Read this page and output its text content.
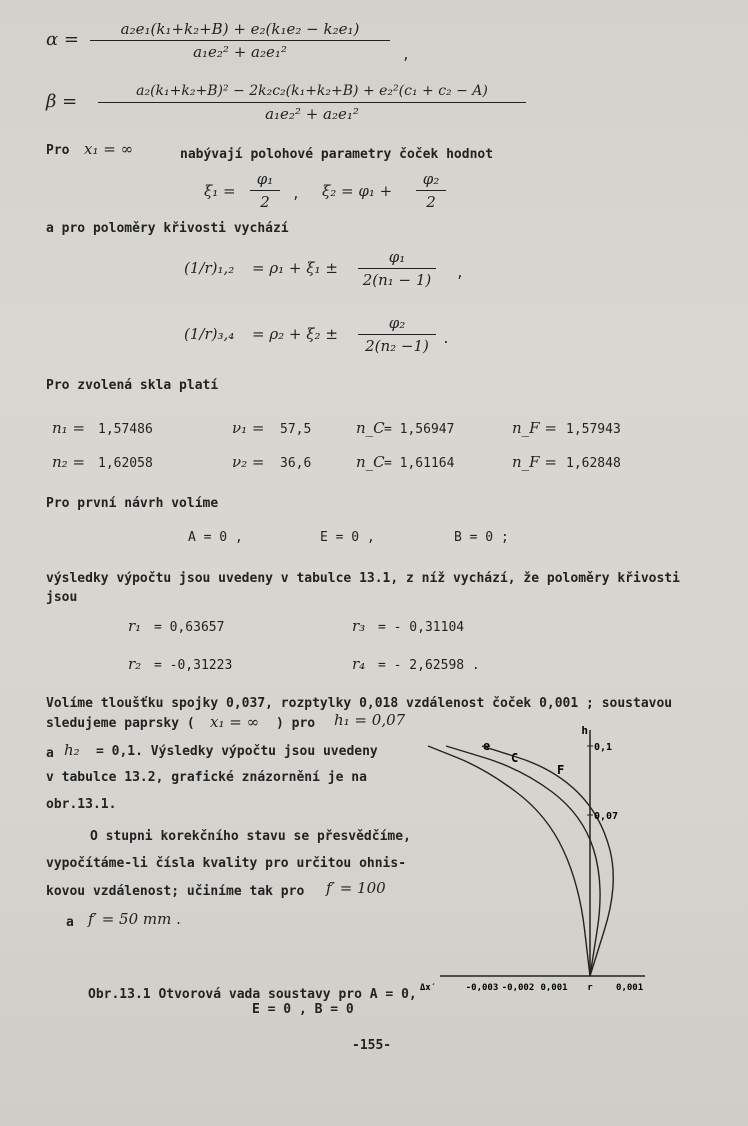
α =	a₂e₁(k₁+k₂+B) + e₂(k₁e₂ − k₂e₁)
a₁e₂² + a₂e₁²	,
β =	a₂(k₁+k₂+B)² − 2k₂c₂(k₁+k₂+B) + e₂²(c₁ + c₂ − A)
a₁e₂² + a₂e₁²
Pro x₁ = ∞	nabývají polohové parametry čoček hodnot
ξ₁ =
φ₁
2	, ξ₂ = φ₁ +
φ₂
2
a pro poloměry křivosti vychází
(1/r)₁,₂ = ρ₁ + ξ₁ ±
φ₁
2(n₁ − 1)	,
(1/r)₃,₄ = ρ₂ + ξ₂ ±
φ₂
2(n₂ −1)	.
Pro zvolená skla platí
n₁ = 1,57486	ν₁ = 57,5	n_C = 1,56947	n_F = 1,57943
n₂ = 1,62058	ν₂ = 36,6	n_C = 1,61164	n_F = 1,62848
Pro první návrh volíme
A = 0 ,	E = 0 ,	B = 0 ;
výsledky výpočtu jsou uvedeny v tabulce 13.1, z níž vychází, že poloměry křivosti
jsou
r₁ = 0,63657	r₃ = - 0,31104
r₂ = -0,31223	r₄ = - 2,62598 .
Volíme tloušťku spojky 0,037, rozptylky 0,018 vzdálenost čoček 0,001 ; soustavou
sledujeme paprsky ( x₁ = ∞ ) pro h₁ = 0,07
a h₂ = 0,1. Výsledky výpočtu jsou uvedeny
v tabulce 13.2, grafické znázornění je na
obr.13.1.
O stupni korekčního stavu se přesvědčíme,
vypočítáme-li čísla kvality pro určitou ohnis-
kovou vzdálenost; učiníme tak pro f′ = 100
a f′ = 50 mm .
Obr.13.1 Otvorová vada soustavy pro A = 0,
E = 0 , B = 0
-155-
h
e
C
F
Δx′	-0,003 -0,002 0,001 r	0,001
0,1
0,07
